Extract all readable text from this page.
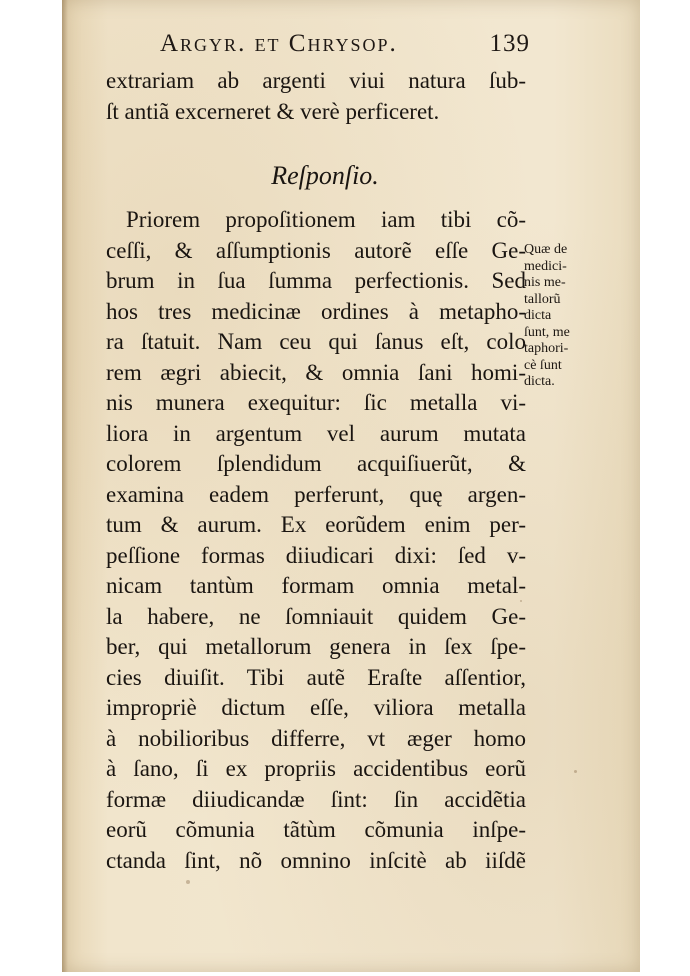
Argyr. et Chrysop.	139
extrariam ab argenti viui natura ſub-
ſt antiã excerneret & verè perficeret.
Reſponſio.
Priorem propoſitionem iam tibi cõ-
ceſſi, & aſſumptionis autorẽ eſſe Ge-
brum in ſua ſumma perfectionis. Sed
hos tres medicinæ ordines à metapho-
ra ſtatuit. Nam ceu qui ſanus eſt, colo
rem ægri abiecit, & omnia ſani homi-
nis munera exequitur: ſic metalla vi-
liora in argentum vel aurum mutata
colorem ſplendidum acquiſiuerũt, &
examina eadem perferunt, quę argen-
tum & aurum. Ex eorũdem enim per-
peſſione formas diiudicari dixi: ſed v-
nicam tantùm formam omnia metal-
la habere, ne ſomniauit quidem Ge-
ber, qui metallorum genera in ſex ſpe-
cies diuiſit. Tibi autẽ Eraſte aſſentior,
impropriè dictum eſſe, viliora metalla
à nobilioribus differre, vt æger homo
à ſano, ſi ex propriis accidentibus eorũ
formæ diiudicandæ ſint: ſin accidẽtia
eorũ cõmunia tãtùm cõmunia inſpe-
ctanda ſint, nõ omnino inſcitè ab iiſdẽ
Quæ de
medici-
nis me-
tallorũ
dicta
ſunt, me
taphori-
cè ſunt
dicta.
